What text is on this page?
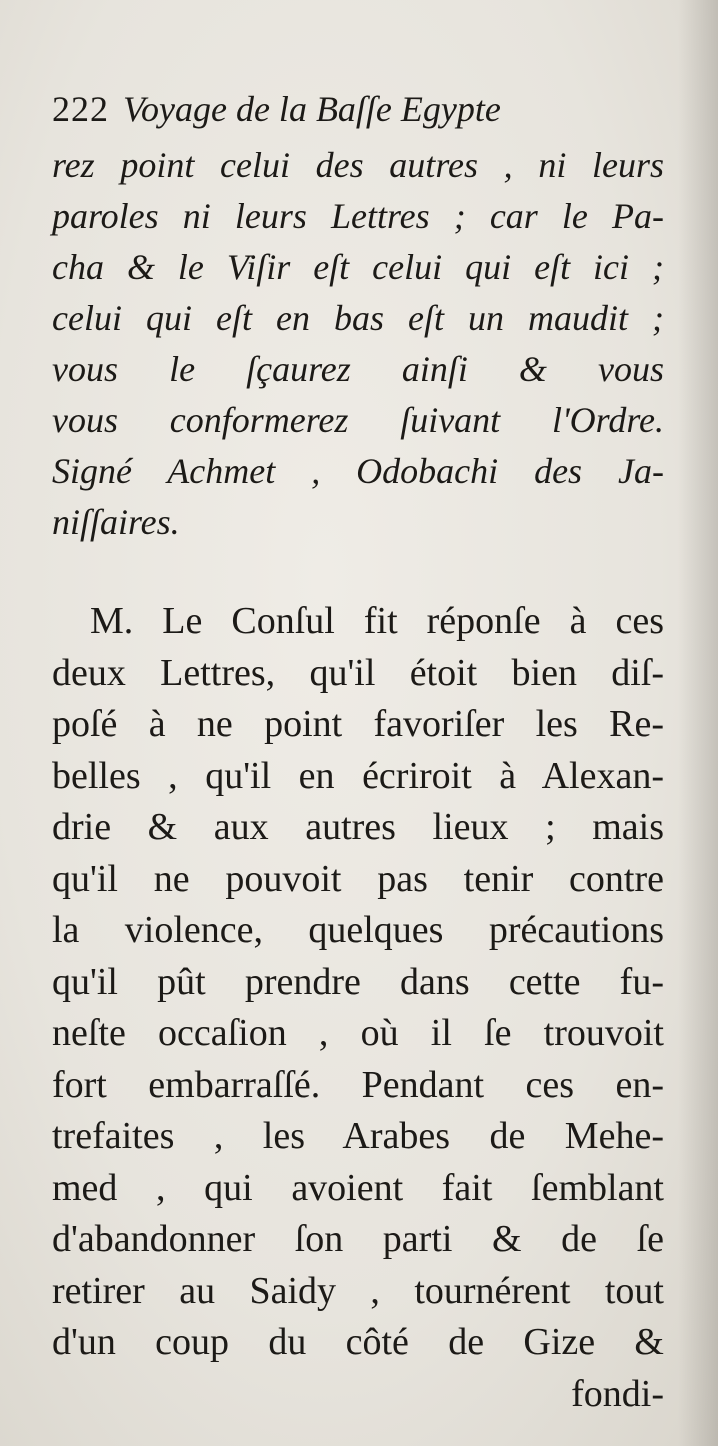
222 Voyage de la Baſſe Egypte
rez point celui des autres , ni leurs
paroles ni leurs Lettres ; car le Pa-
cha & le Viſir eſt celui qui eſt ici ;
celui qui eſt en bas eſt un maudit ;
vous le ſçaurez ainſi & vous
vous conformerez ſuivant l'Ordre.
Signé Achmet , Odobachi des Ja-
niſſaires.
M. Le Conſul fit réponſe à ces
deux Lettres, qu'il étoit bien diſ-
poſé à ne point favoriſer les Re-
belles , qu'il en écriroit à Alexan-
drie & aux autres lieux ; mais
qu'il ne pouvoit pas tenir contre
la violence, quelques précautions
qu'il pût prendre dans cette fu-
neſte occaſion , où il ſe trouvoit
fort embarraſſé. Pendant ces en-
trefaites , les Arabes de Mehe-
med , qui avoient fait ſemblant
d'abandonner ſon parti & de ſe
retirer au Saidy , tournérent tout
d'un coup du côté de Gize &
fondi-
